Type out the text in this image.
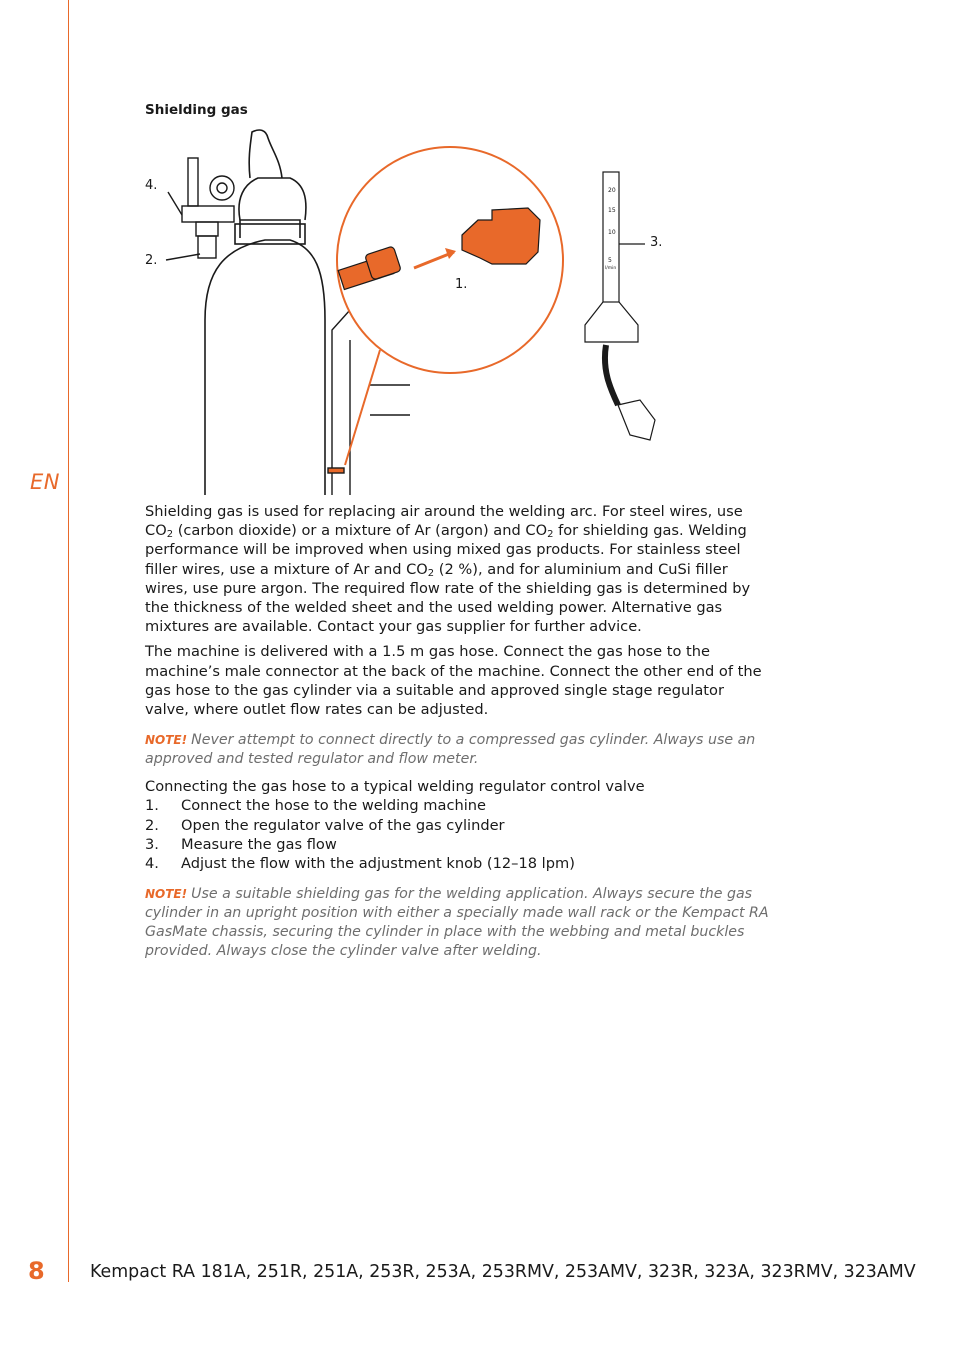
EN
Shielding gas
20
15
10
5
l/min
4.
2.
1.
3.

Shielding gas is used for replacing air around the welding arc. For steel wires, use $CO_2$ (carbon dioxide) or a mixture of Ar (argon) and $CO_2$ for shielding gas. Welding performance will be improved when using mixed gas products. For stainless steel filler wires, use a mixture of Ar and $CO_2$ (2 %), and for aluminium and CuSi filler wires, use pure argon. The required flow rate of the shielding gas is determined by the thickness of the welded sheet and the used welding power. Alternative gas mixtures are available. Contact your gas supplier for further advice.

The machine is delivered with a 1.5 m gas hose. Connect the gas hose to the machine’s male connector at the back of the machine. Connect the other end of the gas hose to the gas cylinder via a suitable and approved single stage regulator valve, where outlet flow rates can be adjusted.

NOTE! Never attempt to connect directly to a compressed gas cylinder. Always use an approved and tested regulator and flow meter.

Connecting the gas hose to a typical welding regulator control valve
1.	Connect the hose to the welding machine
2.	Open the regulator valve of the gas cylinder
3.	Measure the gas flow
4.	Adjust the flow with the adjustment knob (12–18 lpm)

NOTE! Use a suitable shielding gas for the welding application. Always secure the gas cylinder in an upright position with either a specially made wall rack or the Kempact RA GasMate chassis, securing the cylinder in place with the webbing and metal buckles provided. Always close the cylinder valve after welding.

8	Kempact RA 181A, 251R, 251A, 253R, 253A, 253RMV, 253AMV, 323R, 323A, 323RMV, 323AMV
